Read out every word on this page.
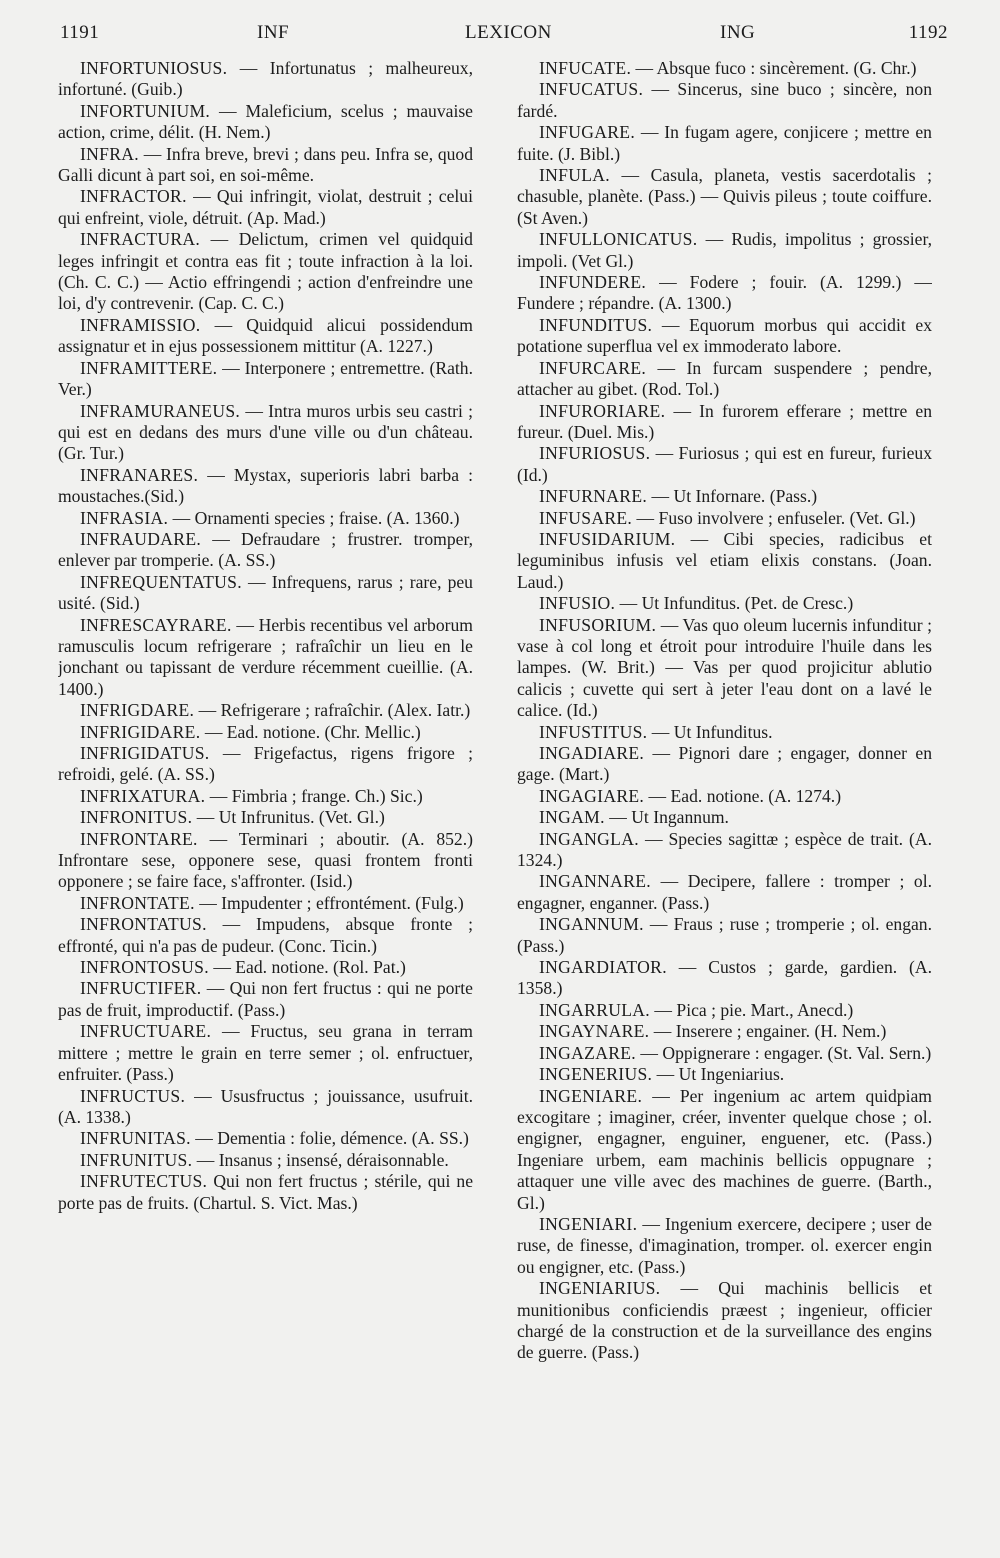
1191	INF	LEXICON	ING	1192

INFORTUNIOSUS. — Infortunatus ; malheureux, infortuné. (Guib.)

INFORTUNIUM. — Maleficium, scelus ; mauvaise action, crime, délit. (H. Nem.)

INFRA. — Infra breve, brevi ; dans peu. Infra se, quod Galli dicunt à part soi, en soi-même.

INFRACTOR. — Qui infringit, violat, destruit ; celui qui enfreint, viole, détruit. (Ap. Mad.)

INFRACTURA. — Delictum, crimen vel quidquid leges infringit et contra eas fit ; toute infraction à la loi. (Ch. C. C.) — Actio effringendi ; action d'enfreindre une loi, d'y contrevenir. (Cap. C. C.)

INFRAMISSIO. — Quidquid alicui possidendum assignatur et in ejus possessionem mittitur (A. 1227.)

INFRAMITTERE. — Interponere ; entremettre. (Rath. Ver.)

INFRAMURANEUS. — Intra muros urbis seu castri ; qui est en dedans des murs d'une ville ou d'un château. (Gr. Tur.)

INFRANARES. — Mystax, superioris labri barba : moustaches.(Sid.)

INFRASIA. — Ornamenti species ; fraise. (A. 1360.)

INFRAUDARE. — Defraudare ; frustrer. tromper, enlever par tromperie. (A. SS.)

INFREQUENTATUS. — Infrequens, rarus ; rare, peu usité. (Sid.)

INFRESCAYRARE. — Herbis recentibus vel arborum ramusculis locum refrigerare ; rafraîchir un lieu en le jonchant ou tapissant de verdure récemment cueillie. (A. 1400.)

INFRIGDARE. — Refrigerare ; rafraîchir. (Alex. Iatr.)

INFRIGIDARE. — Ead. notione. (Chr. Mellic.)

INFRIGIDATUS. — Frigefactus, rigens frigore ; refroidi, gelé. (A. SS.)

INFRIXATURA. — Fimbria ; frange. Ch.) Sic.)

INFRONITUS. — Ut Infrunitus. (Vet. Gl.)

INFRONTARE. — Terminari ; aboutir. (A. 852.) Infrontare sese, opponere sese, quasi frontem fronti opponere ; se faire face, s'affronter. (Isid.)

INFRONTATE. — Impudenter ; effrontément. (Fulg.)

INFRONTATUS. — Impudens, absque fronte ; effronté, qui n'a pas de pudeur. (Conc. Ticin.)

INFRONTOSUS. — Ead. notione. (Rol. Pat.)

INFRUCTIFER. — Qui non fert fructus : qui ne porte pas de fruit, improductif. (Pass.)

INFRUCTUARE. — Fructus, seu grana in terram mittere ; mettre le grain en terre semer ; ol. enfructuer, enfruiter. (Pass.)

INFRUCTUS. — Ususfructus ; jouissance, usufruit. (A. 1338.)

INFRUNITAS. — Dementia : folie, démence. (A. SS.)

INFRUNITUS. — Insanus ; insensé, déraisonnable.

INFRUTECTUS. Qui non fert fructus ; stérile, qui ne porte pas de fruits. (Chartul. S. Vict. Mas.)

INFUCATE. — Absque fuco : sincèrement. (G. Chr.)

INFUCATUS. — Sincerus, sine buco ; sincère, non fardé.

INFUGARE. — In fugam agere, conjicere ; mettre en fuite. (J. Bibl.)

INFULA. — Casula, planeta, vestis sacerdotalis ; chasuble, planète. (Pass.) — Quivis pileus ; toute coiffure. (St Aven.)

INFULLONICATUS. — Rudis, impolitus ; grossier, impoli. (Vet Gl.)

INFUNDERE. — Fodere ; fouir. (A. 1299.) — Fundere ; répandre. (A. 1300.)

INFUNDITUS. — Equorum morbus qui accidit ex potatione superflua vel ex immoderato labore.

INFURCARE. — In furcam suspendere ; pendre, attacher au gibet. (Rod. Tol.)

INFURORIARE. — In furorem efferare ; mettre en fureur. (Duel. Mis.)

INFURIOSUS. — Furiosus ; qui est en fureur, furieux (Id.)

INFURNARE. — Ut Infornare. (Pass.)

INFUSARE. — Fuso involvere ; enfuseler. (Vet. Gl.)

INFUSIDARIUM. — Cibi species, radicibus et leguminibus infusis vel etiam elixis constans. (Joan. Laud.)

INFUSIO. — Ut Infunditus. (Pet. de Cresc.)

INFUSORIUM. — Vas quo oleum lucernis infunditur ; vase à col long et étroit pour introduire l'huile dans les lampes. (W. Brit.) — Vas per quod projicitur ablutio calicis ; cuvette qui sert à jeter l'eau dont on a lavé le calice. (Id.)

INFUSTITUS. — Ut Infunditus.

INGADIARE. — Pignori dare ; engager, donner en gage. (Mart.)

INGAGIARE. — Ead. notione. (A. 1274.)

INGAM. — Ut Ingannum.

INGANGLA. — Species sagittæ ; espèce de trait. (A. 1324.)

INGANNARE. — Decipere, fallere : tromper ; ol. engagner, enganner. (Pass.)

INGANNUM. — Fraus ; ruse ; tromperie ; ol. engan. (Pass.)

INGARDIATOR. — Custos ; garde, gardien. (A. 1358.)

INGARRULA. — Pica ; pie. Mart., Anecd.)

INGAYNARE. — Inserere ; engainer. (H. Nem.)

INGAZARE. — Oppignerare : engager. (St. Val. Sern.)

INGENERIUS. — Ut Ingeniarius.

INGENIARE. — Per ingenium ac artem quidpiam excogitare ; imaginer, créer, inventer quelque chose ; ol. engigner, engagner, enguiner, enguener, etc. (Pass.) Ingeniare urbem, eam machinis bellicis oppugnare ; attaquer une ville avec des machines de guerre. (Barth., Gl.)

INGENIARI. — Ingenium exercere, decipere ; user de ruse, de finesse, d'imagination, tromper. ol. exercer engin ou engigner, etc. (Pass.)

INGENIARIUS. — Qui machinis bellicis et munitionibus conficiendis præest ; ingenieur, officier chargé de la construction et de la surveillance des engins de guerre. (Pass.)
